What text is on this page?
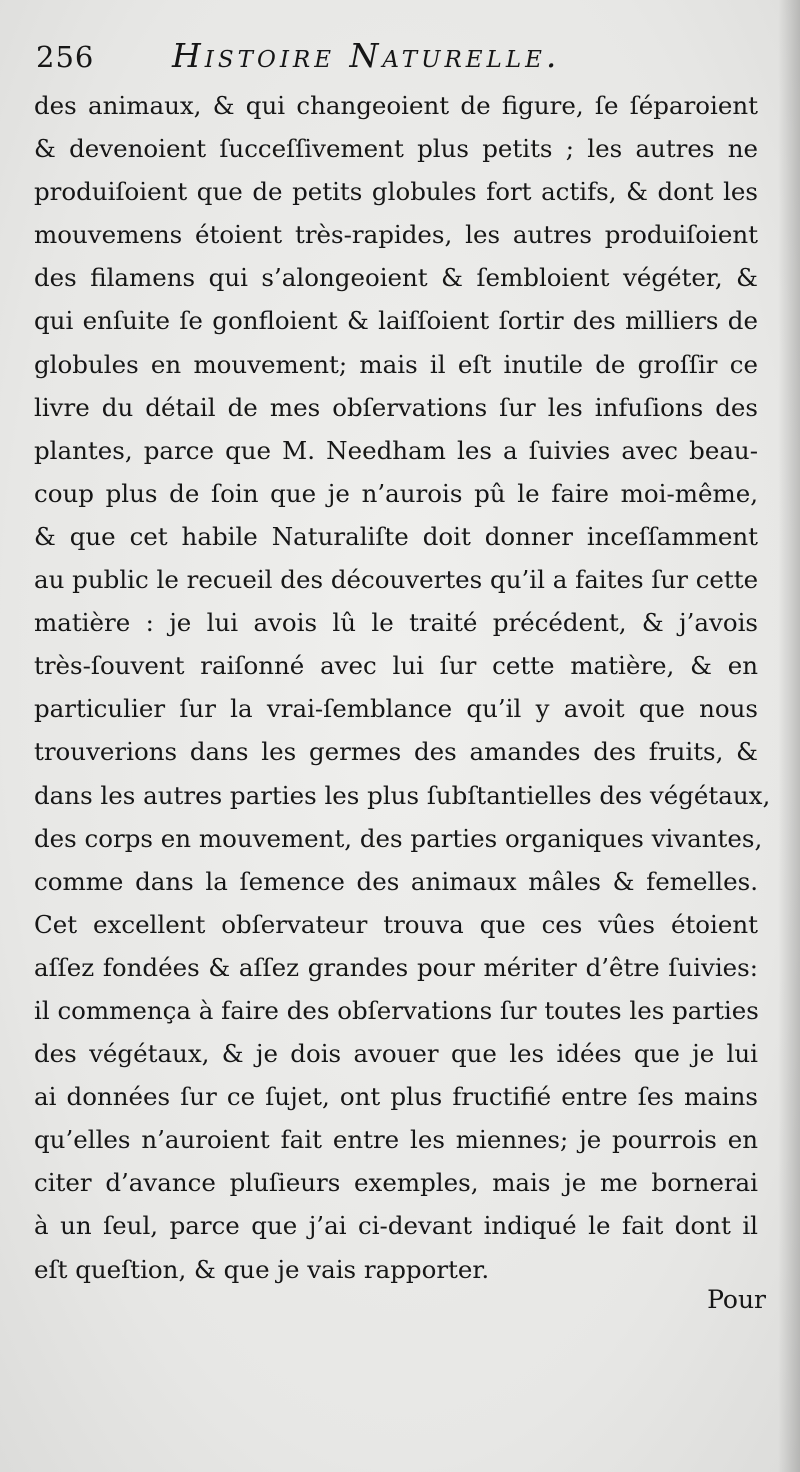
256 Histoire Naturelle.
des animaux, & qui changeoient de figure, ſe ſéparoient
& devenoient ſucceſſivement plus petits ; les autres ne
produiſoient que de petits globules fort actifs, & dont les
mouvemens étoient très-rapides, les autres produiſoient
des filamens qui s’alongeoient & ſembloient végéter, &
qui enſuite ſe gonfloient & laiſſoient ſortir des milliers de
globules en mouvement; mais il eſt inutile de groſſir ce
livre du détail de mes obſervations ſur les infuſions des
plantes, parce que M. Needham les a ſuivies avec beau-
coup plus de ſoin que je n’aurois pû le faire moi-même,
& que cet habile Naturaliſte doit donner inceſſamment
au public le recueil des découvertes qu’il a faites ſur cette
matière : je lui avois lû le traité précédent, & j’avois
très-ſouvent raiſonné avec lui ſur cette matière, & en
particulier ſur la vrai-ſemblance qu’il y avoit que nous
trouverions dans les germes des amandes des fruits, &
dans les autres parties les plus ſubſtantielles des végétaux,
des corps en mouvement, des parties organiques vivantes,
comme dans la ſemence des animaux mâles & femelles.
Cet excellent obſervateur trouva que ces vûes étoient
aſſez fondées & aſſez grandes pour mériter d’être ſuivies:
il commença à faire des obſervations ſur toutes les parties
des végétaux, & je dois avouer que les idées que je lui
ai données ſur ce ſujet, ont plus fructifié entre ſes mains
qu’elles n’auroient fait entre les miennes; je pourrois en
citer d’avance pluſieurs exemples, mais je me bornerai
à un ſeul, parce que j’ai ci-devant indiqué le fait dont il
eſt queſtion, & que je vais rapporter.
Pour
